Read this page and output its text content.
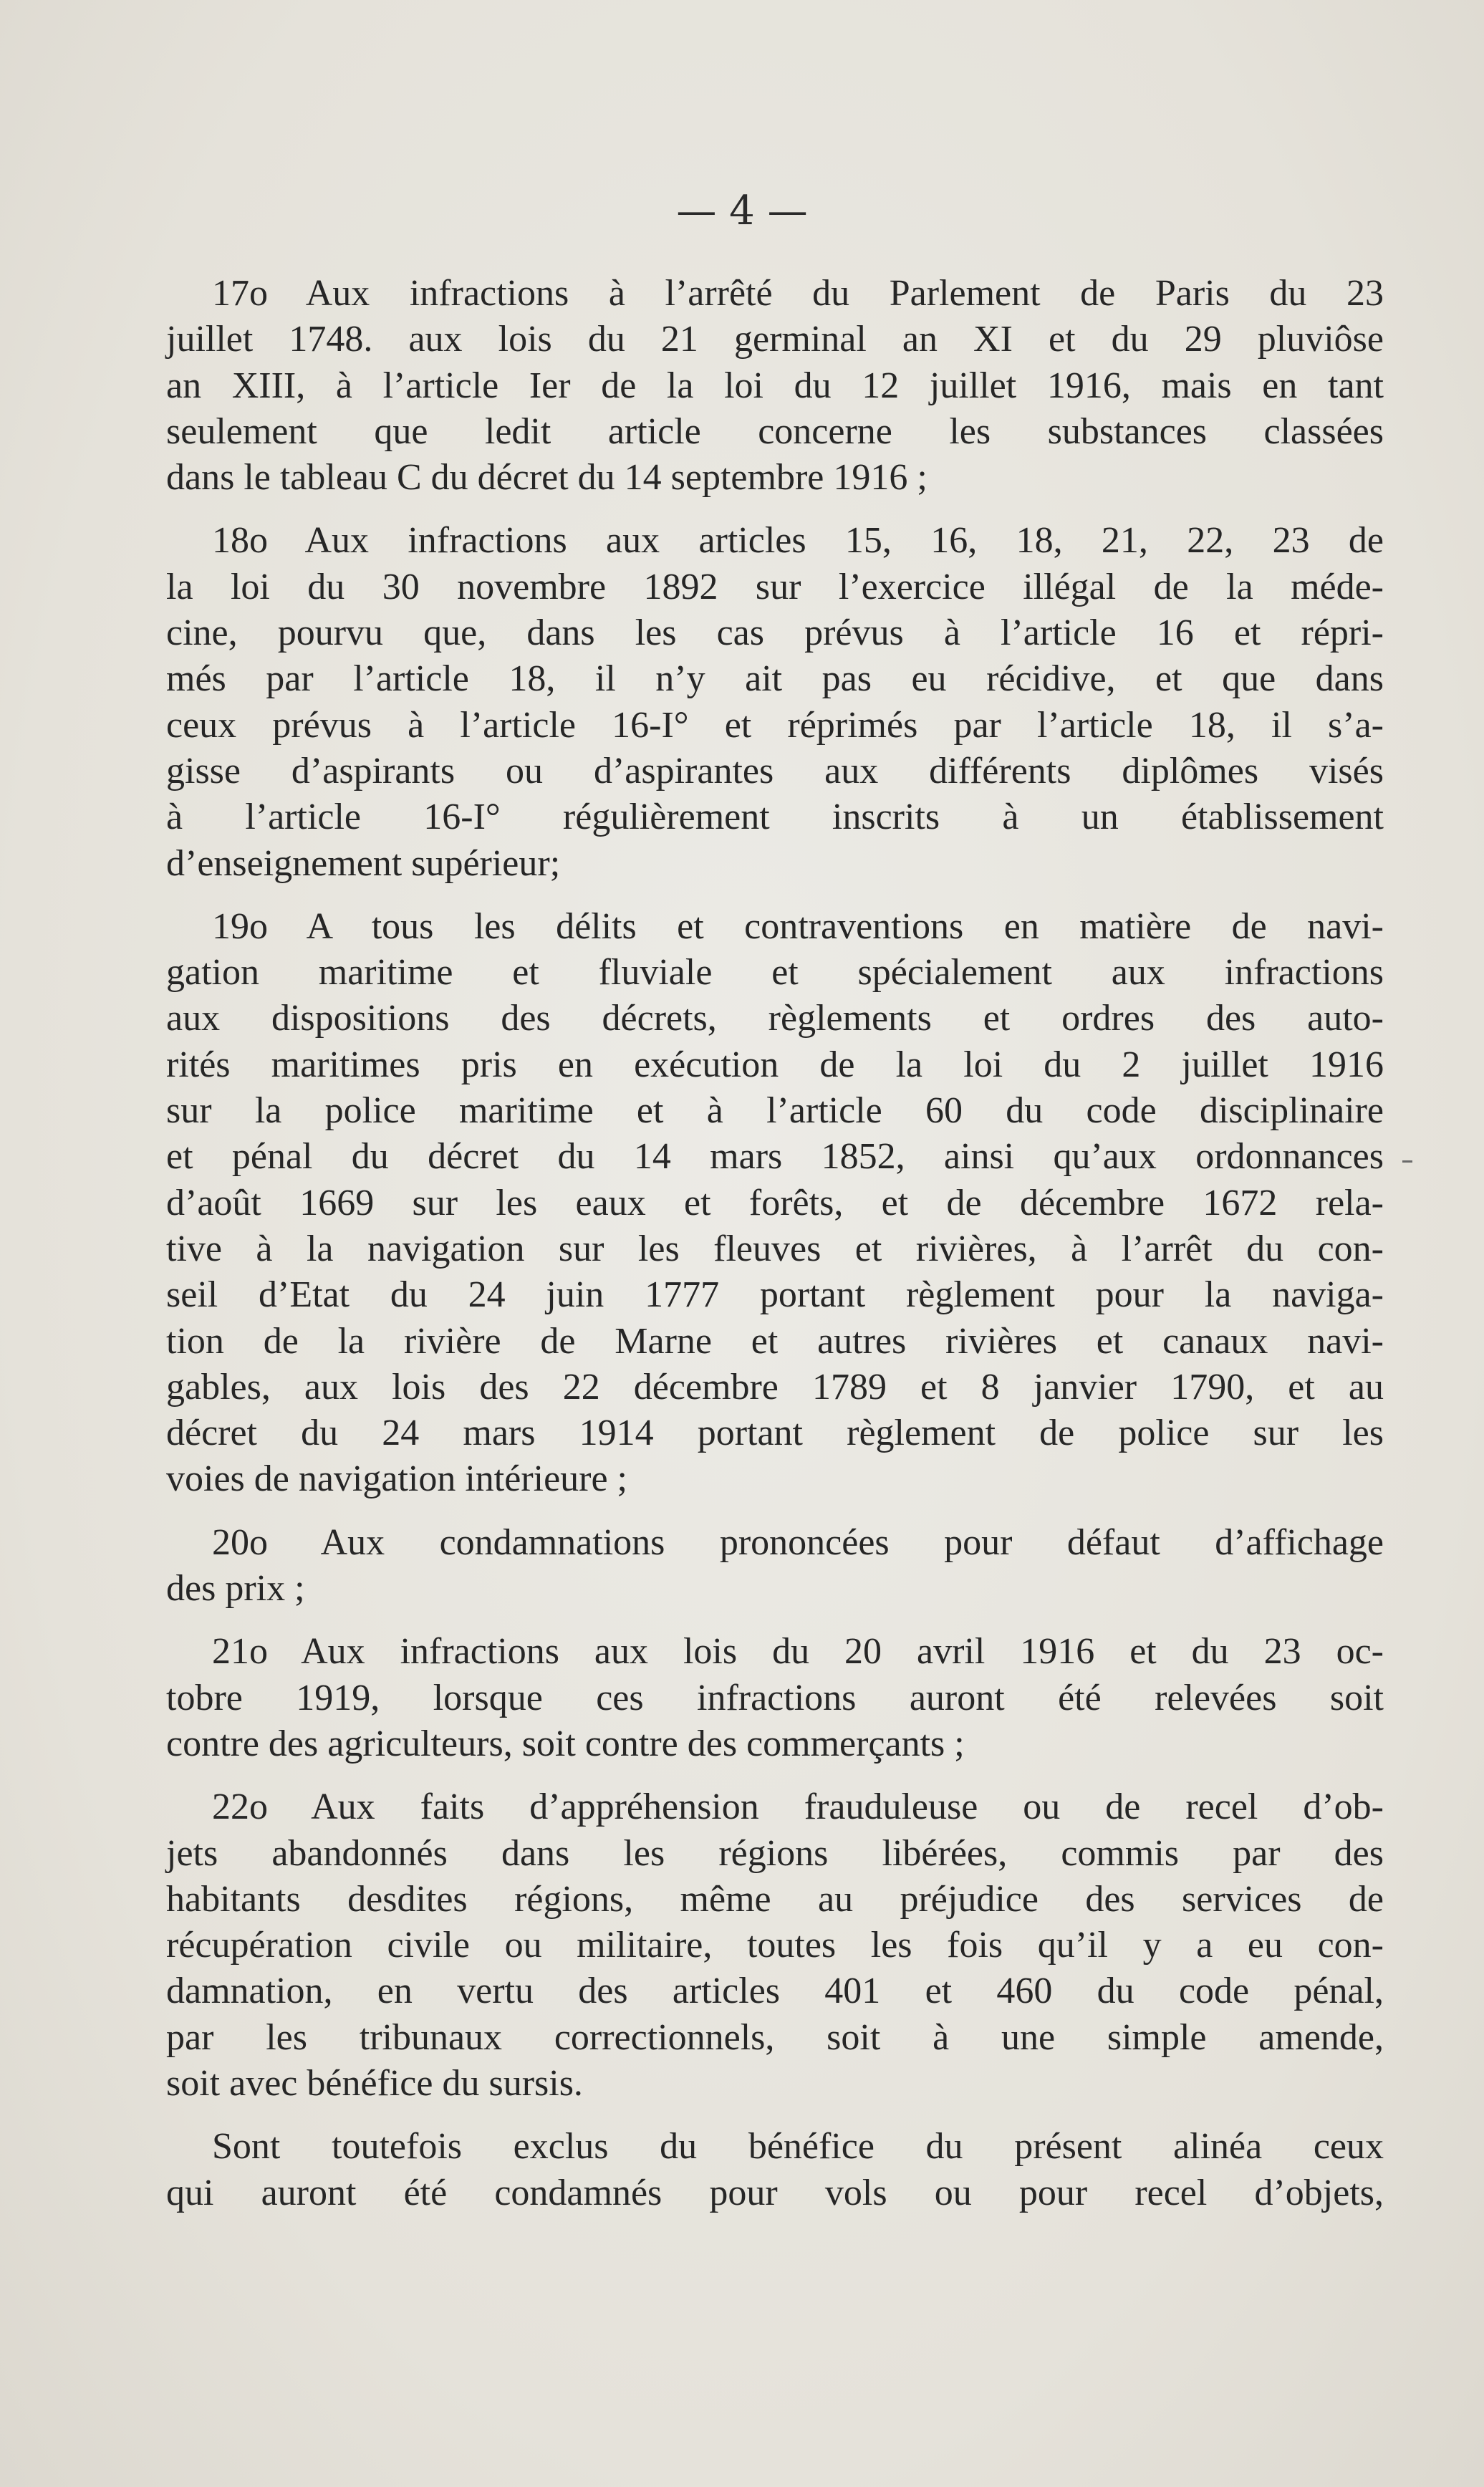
— 4 —
17o Aux infractions à l’arrêté du Parlement de Paris du 23
juillet 1748. aux lois du 21 germinal an XI et du 29 pluviôse
an XIII, à l’article Ier de la loi du 12 juillet 1916, mais en tant
seulement que ledit article concerne les substances classées
dans le tableau C du décret du 14 septembre 1916 ;
18o Aux infractions aux articles 15, 16, 18, 21, 22, 23 de
la loi du 30 novembre 1892 sur l’exercice illégal de la méde-
cine, pourvu que, dans les cas prévus à l’article 16 et répri-
més par l’article 18, il n’y ait pas eu récidive, et que dans
ceux prévus à l’article 16-I° et réprimés par l’article 18, il s’a-
gisse d’aspirants ou d’aspirantes aux différents diplômes visés
à l’article 16-I° régulièrement inscrits à un établissement
d’enseignement supérieur;
19o A tous les délits et contraventions en matière de navi-
gation maritime et fluviale et spécialement aux infractions
aux dispositions des décrets, règlements et ordres des auto-
rités maritimes pris en exécution de la loi du 2 juillet 1916
sur la police maritime et à l’article 60 du code disciplinaire
et pénal du décret du 14 mars 1852, ainsi qu’aux ordonnances
d’août 1669 sur les eaux et forêts, et de décembre 1672 rela-
tive à la navigation sur les fleuves et rivières, à l’arrêt du con-
seil d’Etat du 24 juin 1777 portant règlement pour la naviga-
tion de la rivière de Marne et autres rivières et canaux navi-
gables, aux lois des 22 décembre 1789 et 8 janvier 1790, et au
décret du 24 mars 1914 portant règlement de police sur les
voies de navigation intérieure ;
20o Aux condamnations prononcées pour défaut d’affichage
des prix ;
21o Aux infractions aux lois du 20 avril 1916 et du 23 oc-
tobre 1919, lorsque ces infractions auront été relevées soit
contre des agriculteurs, soit contre des commerçants ;
22o Aux faits d’appréhension frauduleuse ou de recel d’ob-
jets abandonnés dans les régions libérées, commis par des
habitants desdites régions, même au préjudice des services de
récupération civile ou militaire, toutes les fois qu’il y a eu con-
damnation, en vertu des articles 401 et 460 du code pénal,
par les tribunaux correctionnels, soit à une simple amende,
soit avec bénéfice du sursis.
Sont toutefois exclus du bénéfice du présent alinéa ceux
qui auront été condamnés pour vols ou pour recel d’objets,
